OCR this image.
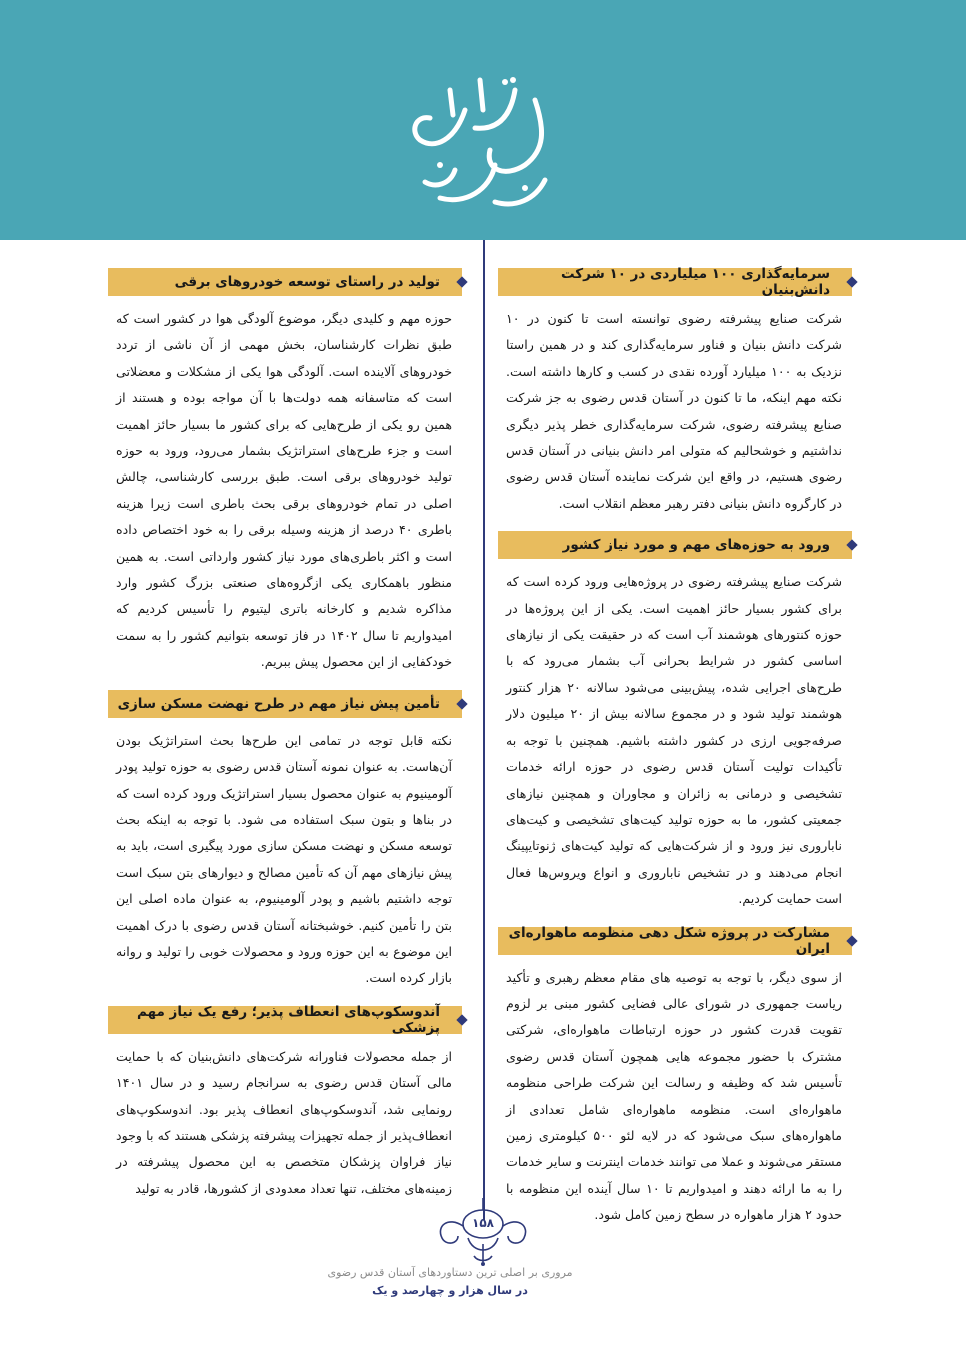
سرمایه‌گذاری ۱۰۰ میلیاردی در ۱۰ شرکت دانش‌بنیان

شرکت صنایع پیشرفته رضوی توانسته است تا کنون در ۱۰ شرکت دانش بنیان و فناور سرمایه‌گذاری کند و در همین راستا نزدیک به ۱۰۰ میلیارد آورده نقدی در کسب و کارها داشته است. نکته مهم اینکه، ما تا کنون در آستان قدس رضوی به جز شرکت صنایع پیشرفته رضوی، شرکت سرمایه‌گذاری خطر پذیر دیگری نداشتیم و خوشحالیم که متولی امر دانش بنیانی در آستان قدس رضوی هستیم، در واقع این شرکت نماینده آستان قدس رضوی در کارگروه دانش بنیانی دفتر رهبر معظم انقلاب است.

ورود به حوزه‌های مهم و مورد نیاز کشور

شرکت صنایع پیشرفته رضوی در پروژه‌هایی ورود کرده است که برای کشور بسیار حائز اهمیت است. یکی از این پروژه‌ها در حوزه کنتورهای هوشمند آب است که در حقیقت یکی از نیازهای اساسی کشور در شرایط بحرانی آب بشمار می‌رود که با طرح‌های اجرایی شده، پیش‌بینی می‌شود سالانه ۲۰ هزار کنتور هوشمند تولید شود و در مجموع سالانه بیش از ۲۰ میلیون دلار صرفه‌جویی ارزی در کشور داشته باشیم. همچنین با توجه به تأکیدات تولیت آستان قدس رضوی در حوزه ارائه خدمات تشخیصی و درمانی به زائران و مجاوران و همچنین نیازهای جمعیتی کشور، ما به حوزه تولید کیت‌های تشخیصی و کیت‌های ناباروری نیز ورود و از شرکت‌هایی که تولید کیت‌های ژنوتایپینگ انجام می‌دهند و در تشخیص ناباروری و انواع ویروس‌ها فعال است حمایت کردیم.

مشارکت در پروژه شکل دهی منظومه ماهواره‌ای ایران

از سوی دیگر، با توجه به توصیه های مقام معظم رهبری و تأکید ریاست جمهوری در شورای عالی فضایی کشور مبنی بر لزوم تقویت قدرت کشور در حوزه ارتباطات ماهواره‌ای، شرکتی مشترک با حضور مجموعه هایی همچون آستان قدس رضوی تأسیس شد که وظیفه و رسالت این شرکت طراحی منظومه ماهواره‌ای است. منظومه ماهواره‌ای شامل تعدادی از ماهواره‌های سبک می‌شود که در لایه لئو ۵۰۰ کیلومتری زمین مستقر می‌شوند و عملا می توانند خدمات اینترنت و سایر خدمات را به ما ارائه دهند و امیدواریم تا ۱۰ سال آینده این منظومه با حدود ۲ هزار ماهواره در سطح زمین کامل شود.

تولید در راستای توسعه خودروهای برقی

حوزه مهم و کلیدی دیگر، موضوع آلودگی هوا در کشور است که طبق نظرات کارشناسان، بخش مهمی از آن ناشی از تردد خودروهای آلاینده است. آلودگی هوا یکی از مشکلات و معضلاتی است که متاسفانه همه دولت‌ها با آن مواجه بوده و هستند از همین رو یکی از طرح‌هایی که برای کشور ما بسیار حائز اهمیت است و جزء طرح‌های استراتژیک بشمار می‌رود، ورود به حوزه تولید خودروهای برقی است. طبق بررسی کارشناسی، چالش اصلی در تمام خودروهای برقی بحث باطری است زیرا هزینه باطری ۴۰ درصد از هزینه وسیله برقی را به خود اختصاص داده است و اکثر باطری‌های مورد نیاز کشور وارداتی است. به همین منظور باهمکاری یکی ازگروه‌های صنعتی بزرگ کشور وارد مذاکره شدیم و کارخانه باتری لیتیوم را تأسیس کردیم که امیدواریم تا سال ۱۴۰۲ در فاز توسعه بتوانیم کشور را به سمت خودکفایی از این محصول پیش ببریم.

تأمین پیش نیاز مهم در طرح نهضت مسکن سازی

نکته قابل توجه در تمامی این طرح‌ها بحث استراتژیک بودن آن‌هاست. به عنوان نمونه آستان قدس رضوی به حوزه تولید پودر آلومینیوم به عنوان محصول بسیار استراتژیک ورود کرده است که در بناها و بتون سبک استفاده می شود. با توجه به اینکه بحث توسعه مسکن و نهضت مسکن سازی مورد پیگیری است، باید به پیش نیازهای مهم آن که تأمین مصالح و دیوارهای بتن سبک است توجه داشتیم باشیم و پودر آلومینیوم، به عنوان ماده اصلی این بتن را تأمین کنیم. خوشبختانه آستان قدس رضوی با درک اهمیت این موضوع به این حوزه ورود و محصولات خوبی را تولید و روانه بازار کرده است.

آندوسکوپ‌های انعطاف پذیر؛ رفع یک نیاز مهم پزشکی

از جمله محصولات فناورانه شرکت‌های دانش‌بنیان که با حمایت مالی آستان قدس رضوی به سرانجام رسید و در سال ۱۴۰۱ رونمایی شد، آندوسکوپ‌های انعطاف پذیر بود. اندوسکوپ‌های انعطاف‌پذیر از جمله تجهیزات پیشرفته پزشکی هستند که با وجود نیاز فراوان پزشکان متخصص به این محصول پیشرفته در زمینه‌های مختلف، تنها تعداد معدودی از کشورها، قادر به تولید

۱۵۸
مروری بر اصلی ترین دستاوردهای آستان قدس رضوی
در سال هزار و چهارصد و یک
